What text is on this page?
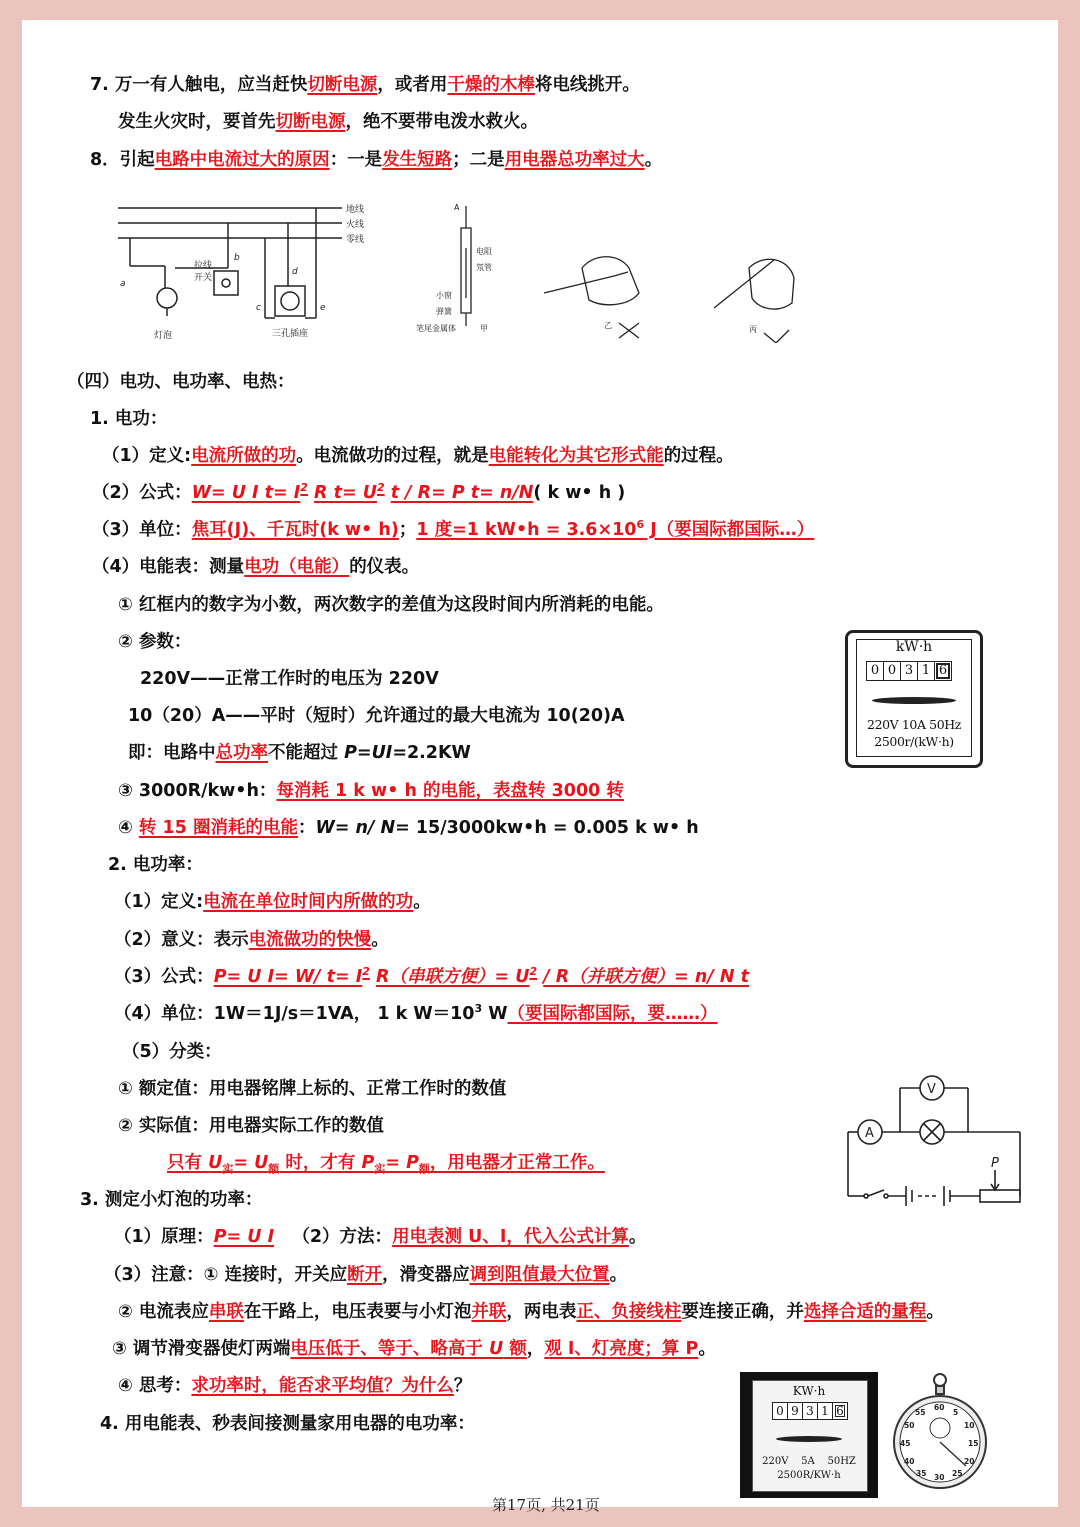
7. 万一有人触电，应当赶快切断电源，或者用干燥的木棒将电线挑开。
发生火灾时，要首先切断电源，绝不要带电泼水救火。
8．引起电路中电流过大的原因：一是发生短路；二是用电器总功率过大。
地线
火线
零线
灯泡
拉线
开关
三孔插座
a
b
c
d
e
A
电阻
氖管
小窗
弹簧
笔尾金属体	甲	乙	丙
（四）电功、电功率、电热：
1. 电功：
（1）定义:电流所做的功。电流做功的过程，就是电能转化为其它形式能的过程。
（2）公式：W= U I $t= I^2$ R $t= U^2$ t / R= P t= n/N( k w• h )
（3）单位：焦耳(J)、千瓦时(k w• h)；1 度=1 kW•h = $3.6\times 10^6$ J（要国际都国际…）
（4）电能表：测量电功（电能）的仪表。
① 红框内的数字为小数，两次数字的差值为这段时间内所消耗的电能。
② 参数：
220V——正常工作时的电压为 220V
10（20）A——平时（短时）允许通过的最大电流为 10(20)A
即：电路中总功率不能超过 P=UI=2.2KW
③ 3000R/kw•h：每消耗 1 k w• h 的电能，表盘转 3000 转
④ 转 15 圈消耗的电能：W= n/ N= 15/3000kw•h = 0.005 k w• h
kW·h
0 0 3 1 6
220V 10A 50Hz
2500r/(kW·h)
2. 电功率：
（1）定义:电流在单位时间内所做的功。
（2）意义：表示电流做功的快慢。
（3）公式：P= U I= W/ $t= I^2$ R（串联方便）= $U^2 / R$（并联方便）= n/ N t
（4）单位：1W＝1J/s＝1VA， 1 k $W=10^3$ W（要国际都国际，要……）
（5）分类：
① 额定值：用电器铭牌上标的、正常工作时的数值
② 实际值：用电器实际工作的数值
只有 $U_实= U_额$ 时，才有 $P_实= P_额$，用电器才正常工作。
A
V
P
3. 测定小灯泡的功率：
（1）原理：P= U I （2）方法：用电表测 U、I，代入公式计算。
（3）注意：① 连接时，开关应断开，滑变器应调到阻值最大位置。
② 电流表应串联在干路上，电压表要与小灯泡并联，两电表正、负接线柱要连接正确，并选择合适的量程。
③ 调节滑变器使灯两端电压低于、等于、略高于 U 额，观 I、灯亮度；算 P。
④ 思考：求功率时，能否求平均值？为什么？
4. 用电能表、秒表间接测量家用电器的电功率：
KW·h
0 9 3 1 6
220V    5A    50HZ
2500R/KW·h
60
5
10
15
20
25
30
35
40
45
50
55
第17页, 共21页
